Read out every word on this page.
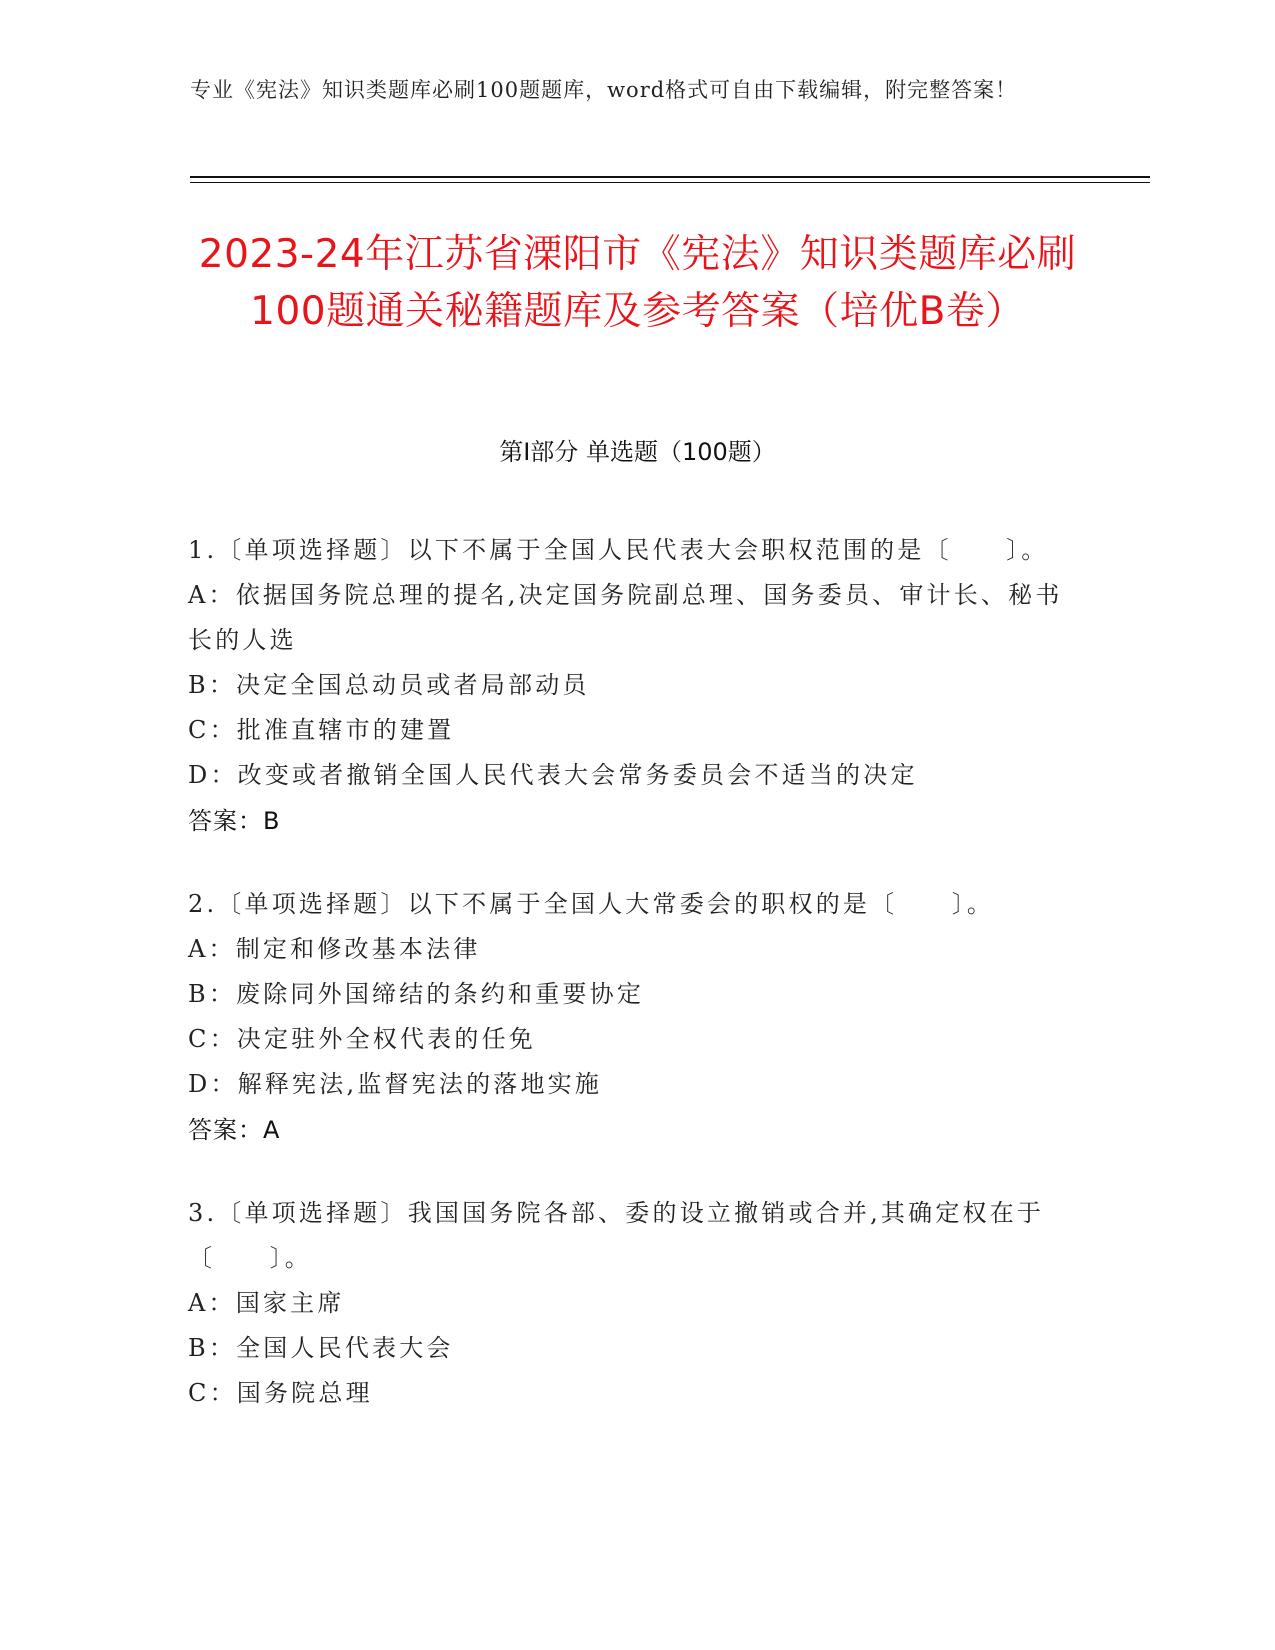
专业《宪法》知识类题库必刷100题题库，word格式可自由下载编辑，附完整答案！
2023-24年江苏省溧阳市《宪法》知识类题库必刷100题通关秘籍题库及参考答案（培优B卷）
第I部分 单选题（100题）
1.〔单项选择题〕以下不属于全国人民代表大会职权范围的是〔　　〕。
A：依据国务院总理的提名,决定国务院副总理、国务委员、审计长、秘书长的人选
B：决定全国总动员或者局部动员
C：批准直辖市的建置
D：改变或者撤销全国人民代表大会常务委员会不适当的决定
答案：B
2.〔单项选择题〕以下不属于全国人大常委会的职权的是〔　　〕。
A：制定和修改基本法律
B：废除同外国缔结的条约和重要协定
C：决定驻外全权代表的任免
D：解释宪法,监督宪法的落地实施
答案：A
3.〔单项选择题〕我国国务院各部、委的设立撤销或合并,其确定权在于〔　　〕。
A：国家主席
B：全国人民代表大会
C：国务院总理
